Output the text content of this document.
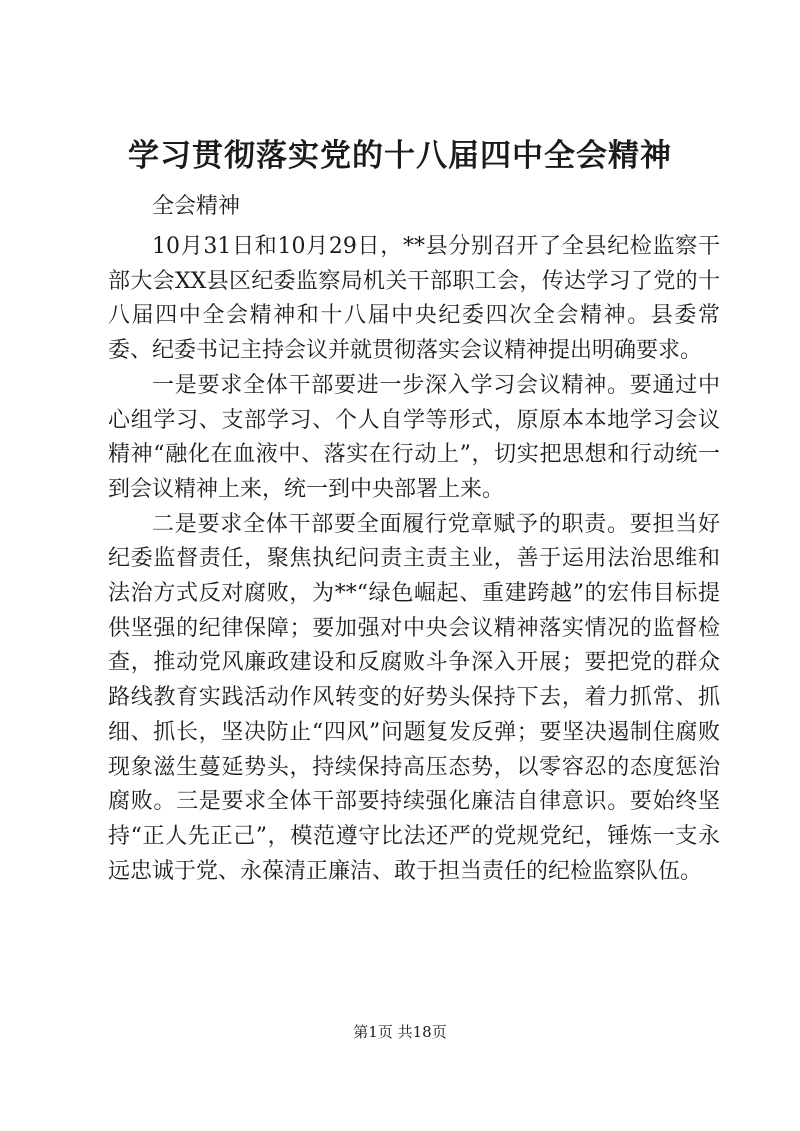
学习贯彻落实党的十八届四中全会精神

全会精神

10月31日和10月29日，**县分别召开了全县纪检监察干部大会XX县区纪委监察局机关干部职工会，传达学习了党的十八届四中全会精神和十八届中央纪委四次全会精神。县委常委、纪委书记主持会议并就贯彻落实会议精神提出明确要求。

一是要求全体干部要进一步深入学习会议精神。要通过中心组学习、支部学习、个人自学等形式，原原本本地学习会议精神“融化在血液中、落实在行动上”，切实把思想和行动统一到会议精神上来，统一到中央部署上来。

二是要求全体干部要全面履行党章赋予的职责。要担当好纪委监督责任，聚焦执纪问责主责主业，善于运用法治思维和法治方式反对腐败，为**“绿色崛起、重建跨越”的宏伟目标提供坚强的纪律保障；要加强对中央会议精神落实情况的监督检查，推动党风廉政建设和反腐败斗争深入开展；要把党的群众路线教育实践活动作风转变的好势头保持下去，着力抓常、抓细、抓长，坚决防止“四风”问题复发反弹；要坚决遏制住腐败现象滋生蔓延势头，持续保持高压态势，以零容忍的态度惩治腐败。三是要求全体干部要持续强化廉洁自律意识。要始终坚持“正人先正己”，模范遵守比法还严的党规党纪，锤炼一支永远忠诚于党、永葆清正廉洁、敢于担当责任的纪检监察队伍。

第1页 共18页
